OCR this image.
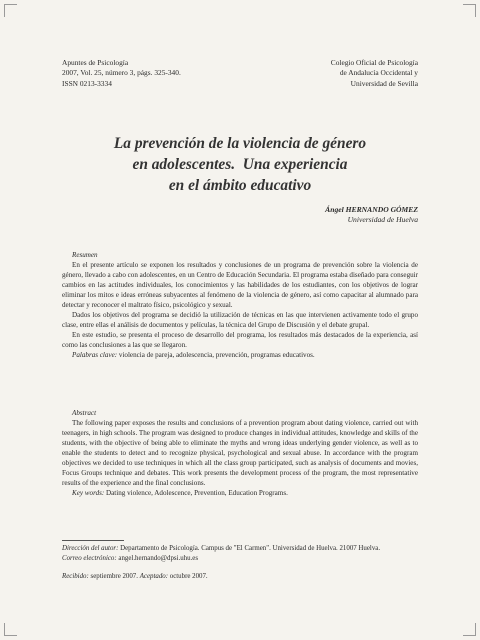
Apuntes de Psicología
2007, Vol. 25, número 3, págs. 325-340.
ISSN 0213-3334
Colegio Oficial de Psicología
de Andalucía Occidental y
Universidad de Sevilla
La prevención de la violencia de género
en adolescentes.  Una experiencia
en el ámbito educativo
Ángel HERNANDO GÓMEZ
Universidad de Huelva

Resumen

En el presente artículo se exponen los resultados y conclusiones de un programa de prevención sobre la violencia de género, llevado a cabo con adolescentes, en un Centro de Educación Secundaria. El programa estaba diseñado para conseguir cambios en las actitudes individuales, los conocimientos y las habilidades de los estudiantes, con los objetivos de lograr eliminar los mitos e ideas erróneas subyacentes al fenómeno de la violencia de género, así como capacitar al alumnado para detectar y reconocer el maltrato físico, psicológico y sexual.

Dados los objetivos del programa se decidió la utilización de técnicas en las que intervienen activamente todo el grupo clase, entre ellas el análisis de documentos y películas, la técnica del Grupo de Discusión y el debate grupal.

En este estudio, se presenta el proceso de desarrollo del programa, los resultados más destacados de la experiencia, así como las conclusiones a las que se llegaron.

Palabras clave: violencia de pareja, adolescencia, prevención, programas educativos.

Abstract

The following paper exposes the results and conclusions of a prevention program about dating violence, carried out with teenagers, in high schools. The program was designed to produce changes in individual attitudes, knowledge and skills of the students, with the objective of being able to eliminate the myths and wrong ideas underlying gender violence, as well as to enable the students to detect and to recognize physical, psychological and sexual abuse. In accordance with the program objectives we decided to use techniques in which all the class group participated, such as analysis of documents and movies, Focus Groups technique and debates. This work presents the development process of the program, the most representative results of the experience and the final conclusions.

Key words: Dating violence, Adolescence, Prevention, Education Programs.

Dirección del autor: Departamento de Psicología. Campus de "El Carmen". Universidad de Huelva. 21007 Huelva.
Correo electrónico: angel.hernando@dpsi.uhu.es
Recibido: septiembre 2007. Aceptado: octubre 2007.
